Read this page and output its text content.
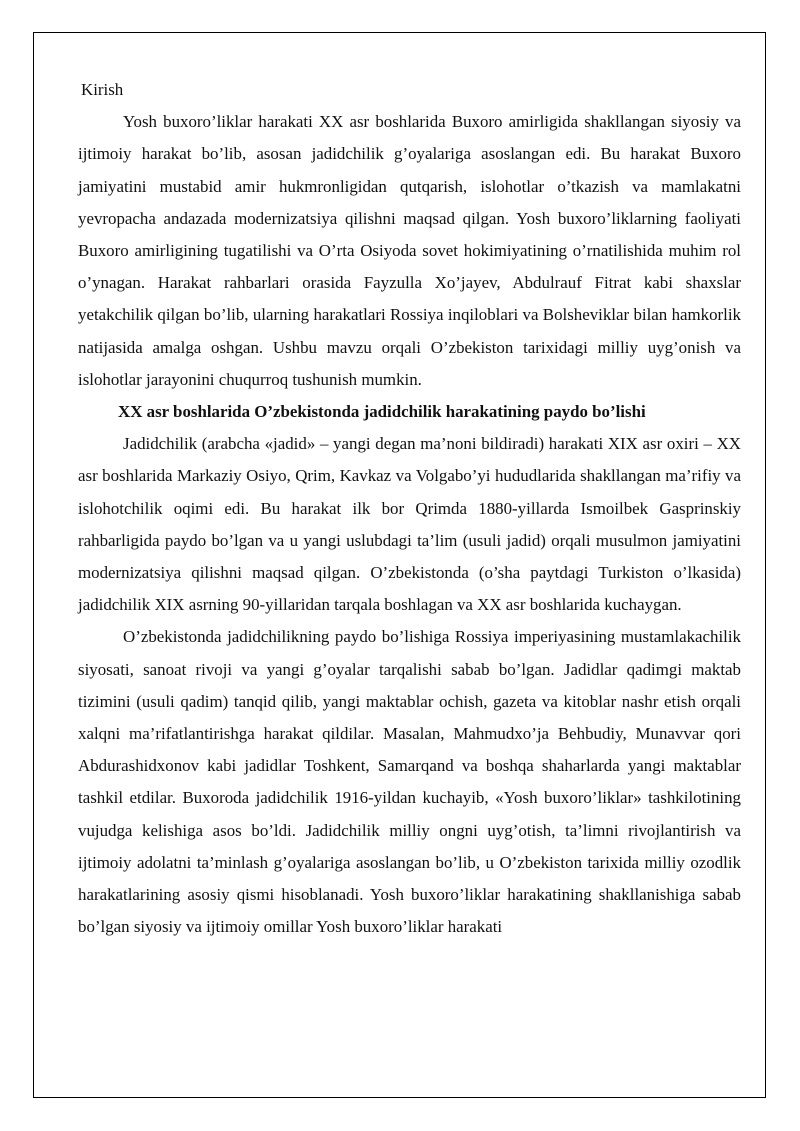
Kirish

Yosh buxoro’liklar harakati XX asr boshlarida Buxoro amirligida shakllangan siyosiy va ijtimoiy harakat bo’lib, asosan jadidchilik g’oyalariga asoslangan edi. Bu harakat Buxoro jamiyatini mustabid amir hukmronligidan qutqarish, islohotlar o’tkazish va mamlakatni yevropacha andazada modernizatsiya qilishni maqsad qilgan. Yosh buxoro’liklarning faoliyati Buxoro amirligining tugatilishi va O’rta Osiyoda sovet hokimiyatining o’rnatilishida muhim rol o’ynagan. Harakat rahbarlari orasida Fayzulla Xo’jayev, Abdulrauf Fitrat kabi shaxslar yetakchilik qilgan bo’lib, ularning harakatlari Rossiya inqiloblari va Bolsheviklar bilan hamkorlik natijasida amalga oshgan. Ushbu mavzu orqali O’zbekiston tarixidagi milliy uyg’onish va islohotlar jarayonini chuqurroq tushunish mumkin.

XX asr boshlarida O’zbekistonda jadidchilik harakatining paydo bo’lishi

Jadidchilik (arabcha «jadid» – yangi degan ma’noni bildiradi) harakati XIX asr oxiri – XX asr boshlarida Markaziy Osiyo, Qrim, Kavkaz va Volgabo’yi hududlarida shakllangan ma’rifiy va islohotchilik oqimi edi. Bu harakat ilk bor Qrimda 1880-yillarda Ismoilbek Gasprinskiy rahbarligida paydo bo’lgan va u yangi uslubdagi ta’lim (usuli jadid) orqali musulmon jamiyatini modernizatsiya qilishni maqsad qilgan. O’zbekistonda (o’sha paytdagi Turkiston o’lkasida) jadidchilik XIX asrning 90-yillaridan tarqala boshlagan va XX asr boshlarida kuchaygan.

O’zbekistonda jadidchilikning paydo bo’lishiga Rossiya imperiyasining mustamlakachilik siyosati, sanoat rivoji va yangi g’oyalar tarqalishi sabab bo’lgan. Jadidlar qadimgi maktab tizimini (usuli qadim) tanqid qilib, yangi maktablar ochish, gazeta va kitoblar nashr etish orqali xalqni ma’rifatlantirishga harakat qildilar. Masalan, Mahmudxo’ja Behbudiy, Munavvar qori Abdurashidxonov kabi jadidlar Toshkent, Samarqand va boshqa shaharlarda yangi maktablar tashkil etdilar. Buxoroda jadidchilik 1916-yildan kuchayib, «Yosh buxoro’liklar» tashkilotining vujudga kelishiga asos bo’ldi. Jadidchilik milliy ongni uyg’otish, ta’limni rivojlantirish va ijtimoiy adolatni ta’minlash g’oyalariga asoslangan bo’lib, u O’zbekiston tarixida milliy ozodlik harakatlarining asosiy qismi hisoblanadi. Yosh buxoro’liklar harakatining shakllanishiga sabab bo’lgan siyosiy va ijtimoiy omillar Yosh buxoro’liklar harakati
